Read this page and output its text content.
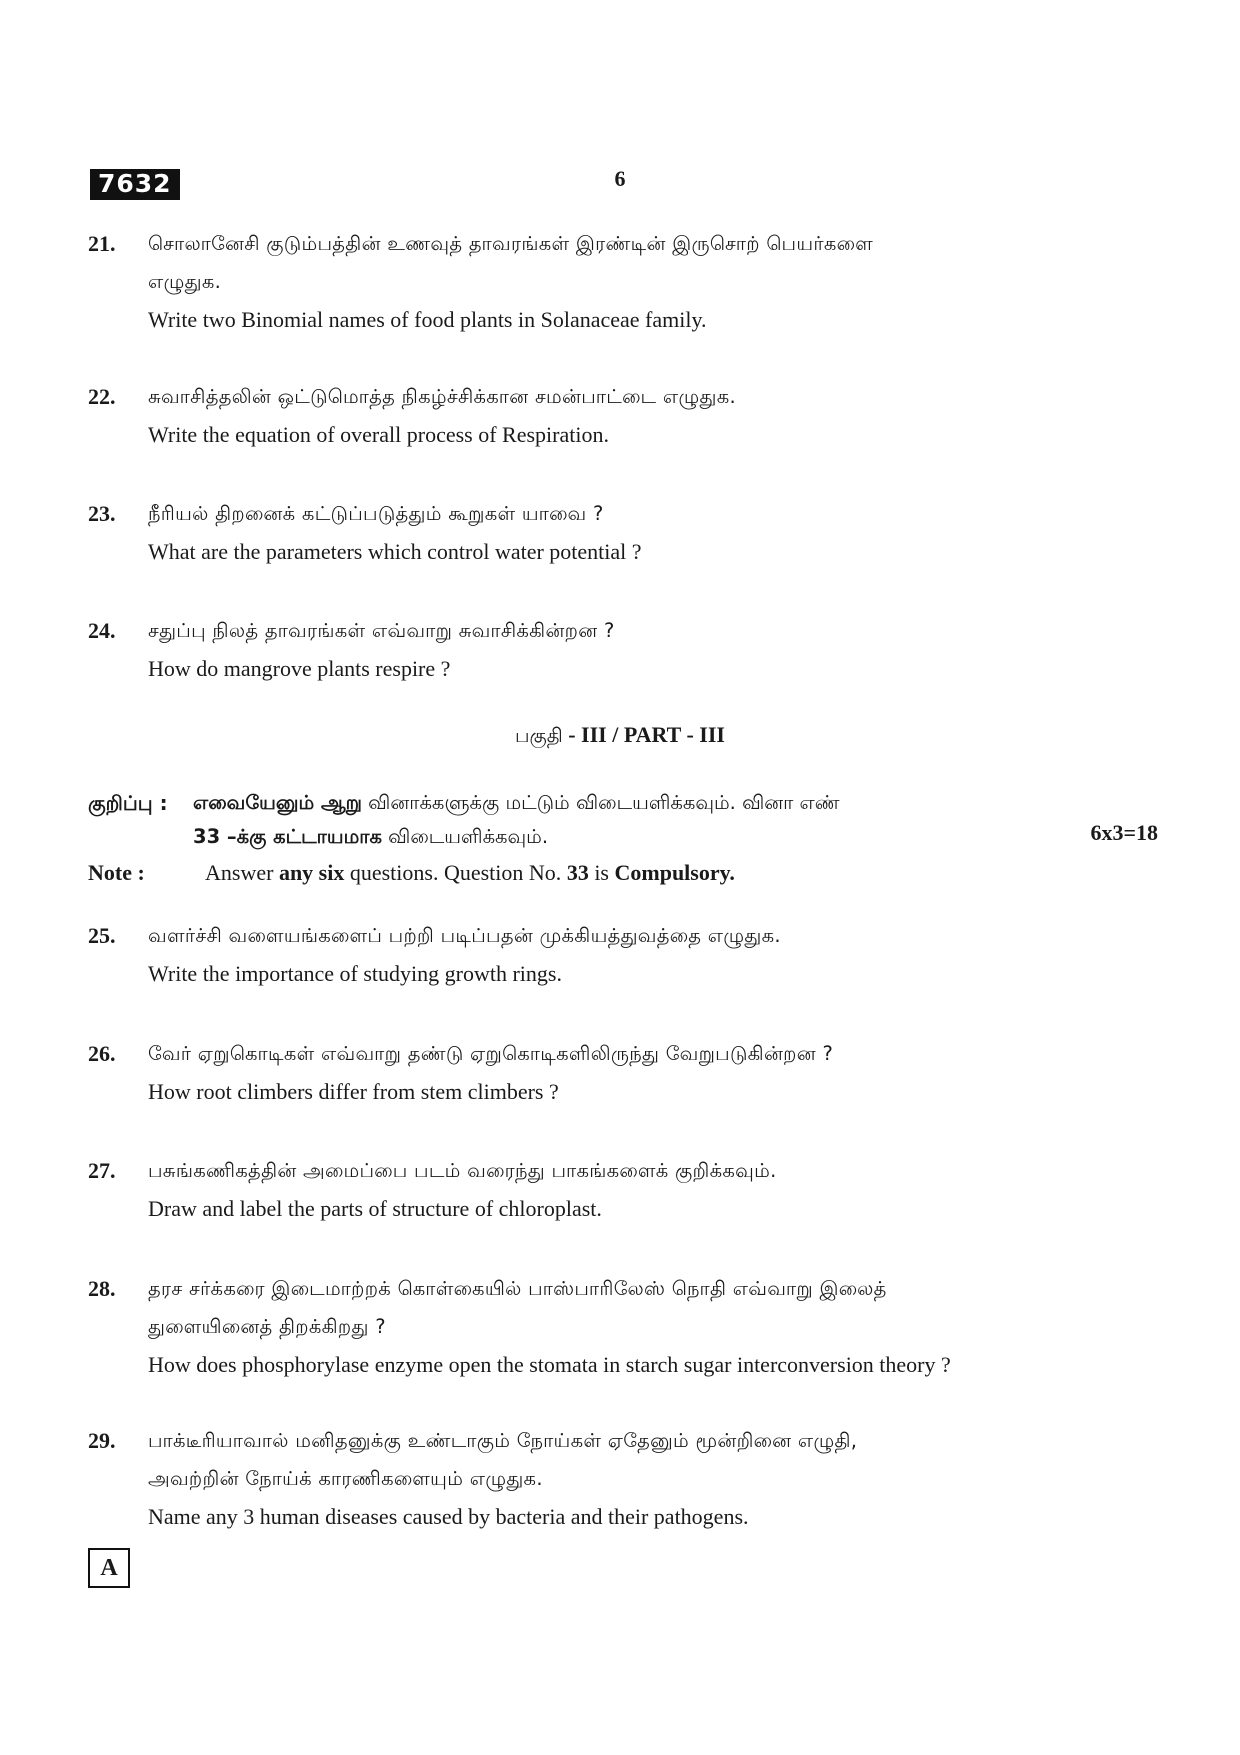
7632	6
21. சொலானேசி குடும்பத்தின் உணவுத் தாவரங்கள் இரண்டின் இருசொற் பெயர்களை
எழுதுக.
Write two Binomial names of food plants in Solanaceae family.
22. சுவாசித்தலின் ஒட்டுமொத்த நிகழ்ச்சிக்கான சமன்பாட்டை எழுதுக.
Write the equation of overall process of Respiration.
23. நீரியல் திறனைக் கட்டுப்படுத்தும் கூறுகள் யாவை ?
What are the parameters which control water potential ?
24. சதுப்பு நிலத் தாவரங்கள் எவ்வாறு சுவாசிக்கின்றன ?
How do mangrove plants respire ?
பகுதி - III / PART - III
குறிப்பு : எவையேனும் ஆறு வினாக்களுக்கு மட்டும் விடையளிக்கவும். வினா எண்
33 –க்கு கட்டாயமாக விடையளிக்கவும்.	6x3=18
Note :	Answer any six questions. Question No. 33 is Compulsory.
25. வளர்ச்சி வளையங்களைப் பற்றி படிப்பதன் முக்கியத்துவத்தை எழுதுக.
Write the importance of studying growth rings.
26. வேர் ஏறுகொடிகள் எவ்வாறு தண்டு ஏறுகொடிகளிலிருந்து வேறுபடுகின்றன ?
How root climbers differ from stem climbers ?
27. பசுங்கணிகத்தின் அமைப்பை படம் வரைந்து பாகங்களைக் குறிக்கவும்.
Draw and label the parts of structure of chloroplast.
28. தரச சர்க்கரை இடைமாற்றக் கொள்கையில் பாஸ்பாரிலேஸ் நொதி எவ்வாறு இலைத்
துளையினைத் திறக்கிறது ?
How does phosphorylase enzyme open the stomata in starch sugar interconversion theory ?
29. பாக்டீரியாவால் மனிதனுக்கு உண்டாகும் நோய்கள் ஏதேனும் மூன்றினை எழுதி,
அவற்றின் நோய்க் காரணிகளையும் எழுதுக.
Name any 3 human diseases caused by bacteria and their pathogens.
A
